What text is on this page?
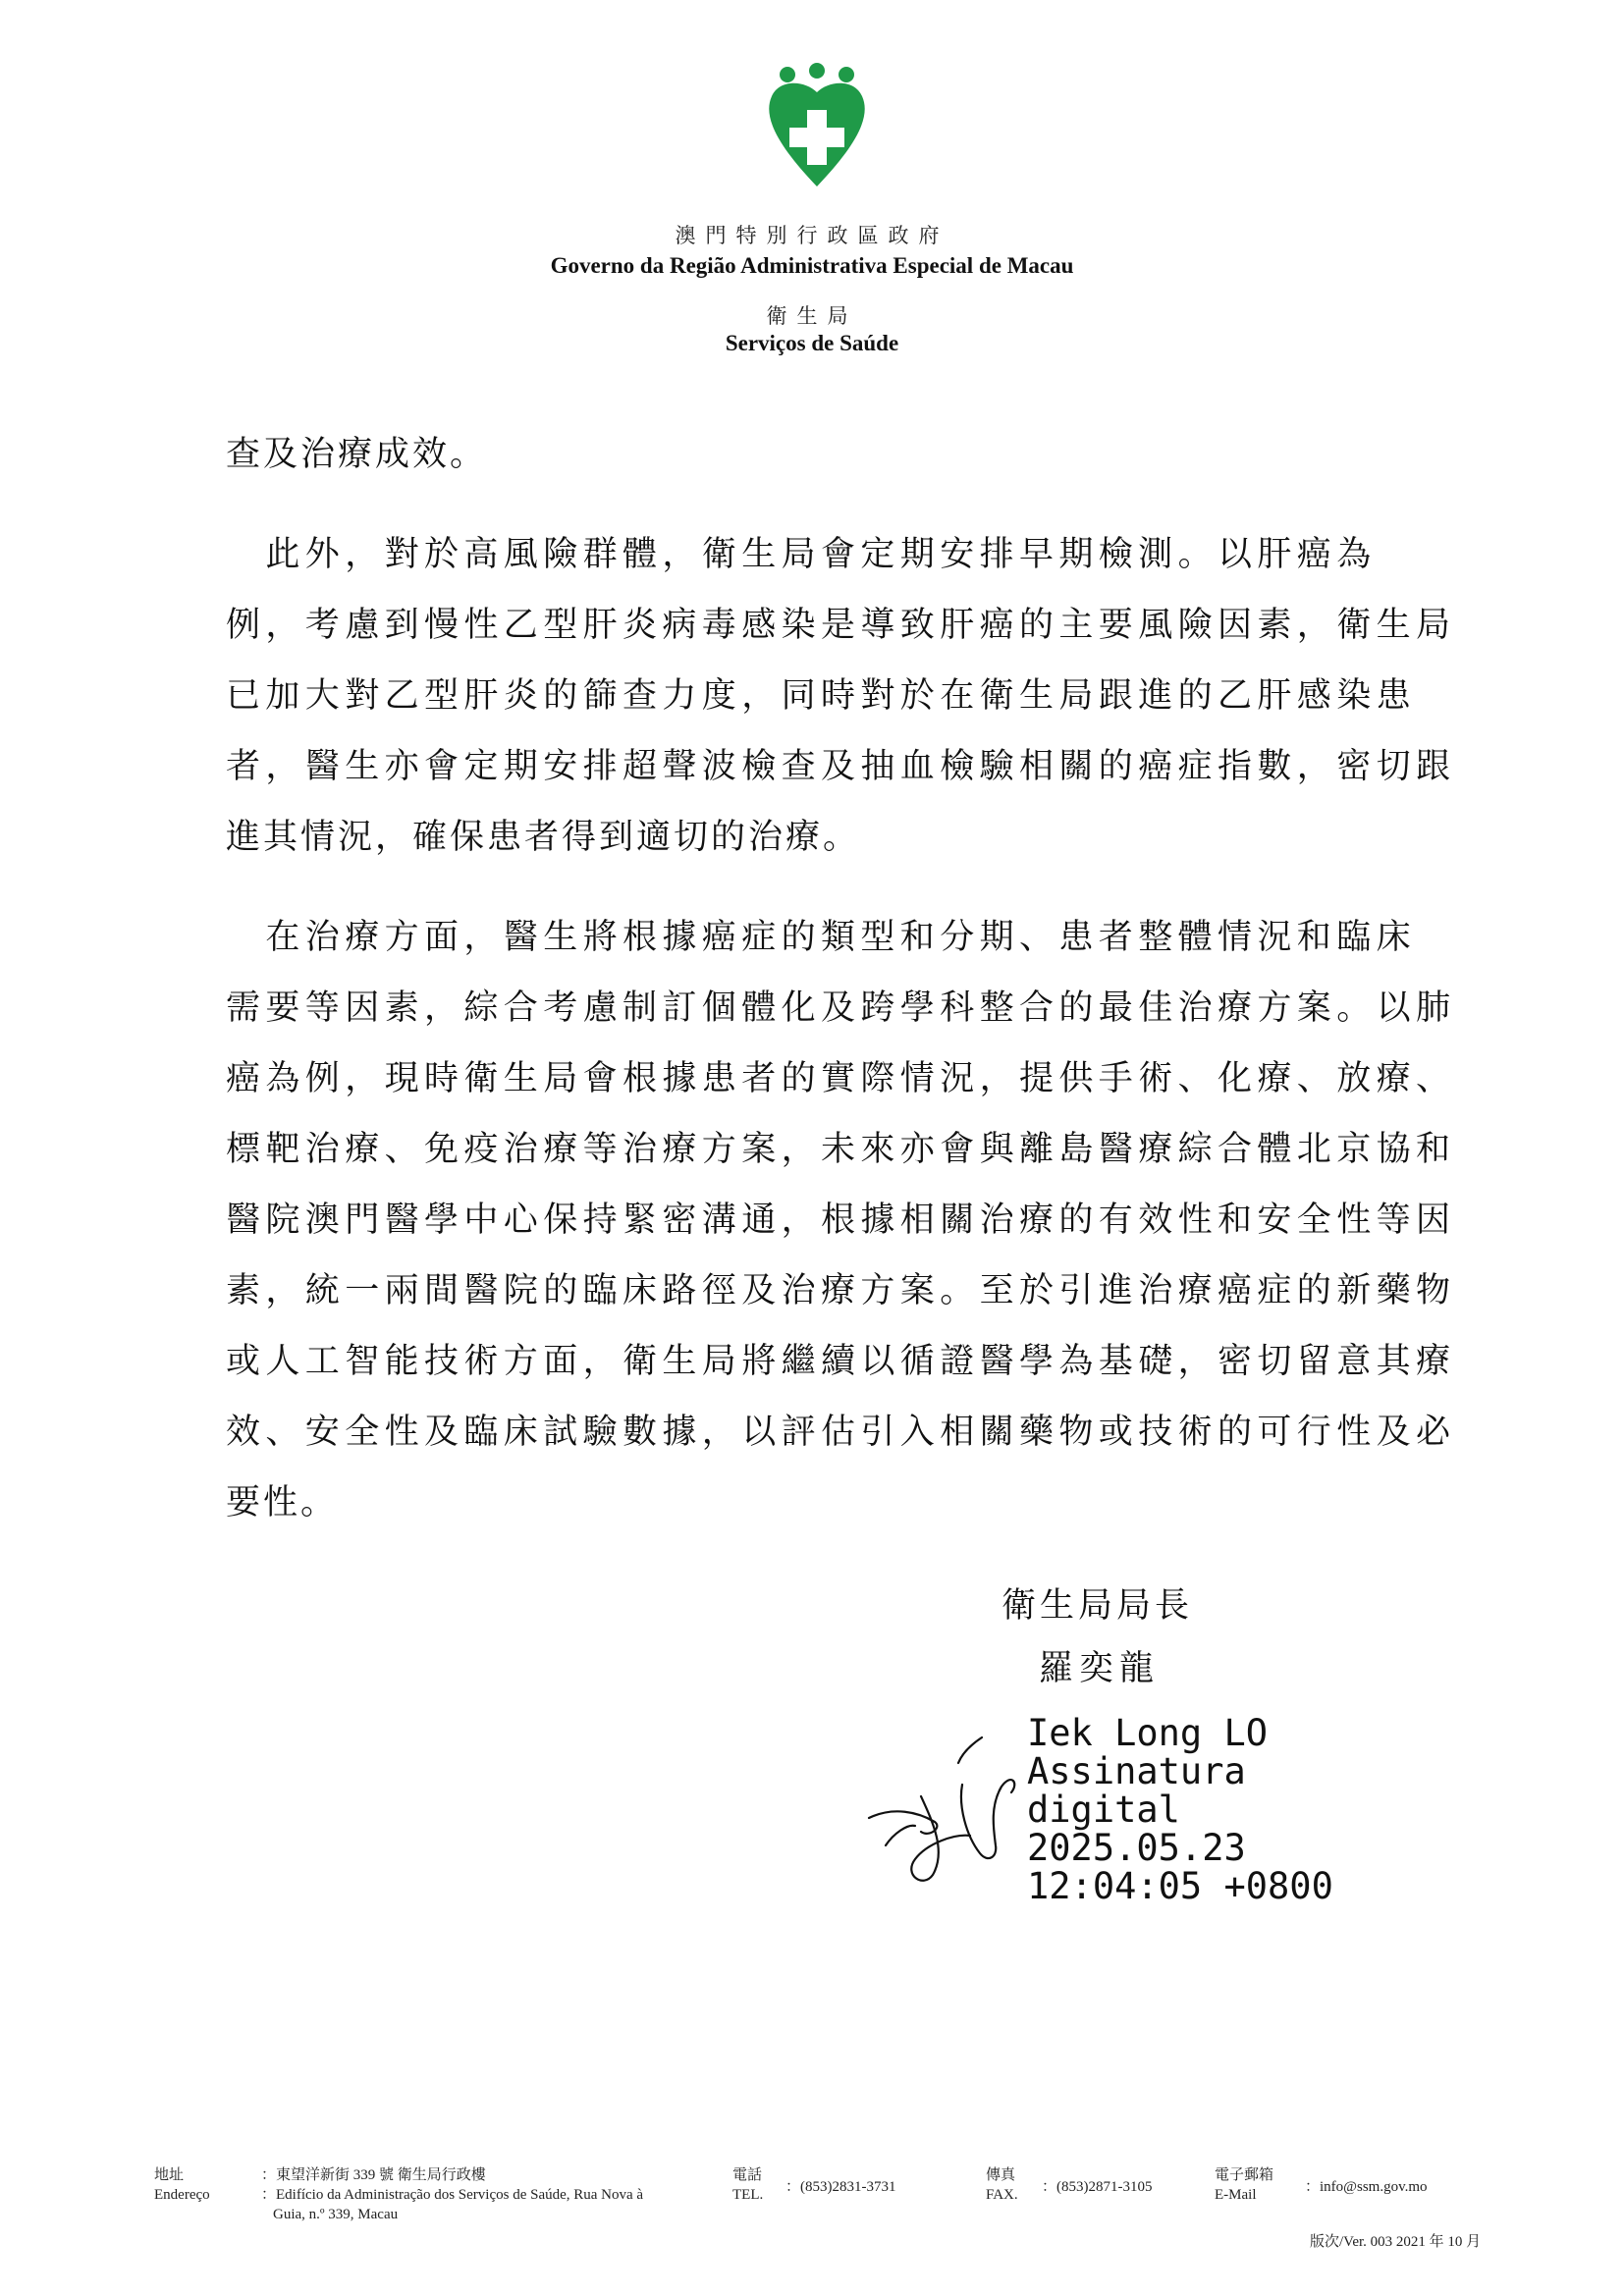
澳門特別行政區政府
Governo da Região Administrativa Especial de Macau
衛生局
Serviços de Saúde
查及治療成效。
　此外，對於高風險群體，衛生局會定期安排早期檢測。以肝癌為
例，考慮到慢性乙型肝炎病毒感染是導致肝癌的主要風險因素，衛生局
已加大對乙型肝炎的篩查力度，同時對於在衛生局跟進的乙肝感染患
者，醫生亦會定期安排超聲波檢查及抽血檢驗相關的癌症指數，密切跟
進其情況，確保患者得到適切的治療。
　在治療方面，醫生將根據癌症的類型和分期、患者整體情況和臨床
需要等因素，綜合考慮制訂個體化及跨學科整合的最佳治療方案。以肺
癌為例，現時衛生局會根據患者的實際情況，提供手術、化療、放療、
標靶治療、免疫治療等治療方案，未來亦會與離島醫療綜合體北京協和
醫院澳門醫學中心保持緊密溝通，根據相關治療的有效性和安全性等因
素，統一兩間醫院的臨床路徑及治療方案。至於引進治療癌症的新藥物
或人工智能技術方面，衛生局將繼續以循證醫學為基礎，密切留意其療
效、安全性及臨床試驗數據，以評估引入相關藥物或技術的可行性及必
要性。
衛生局局長
羅奕龍
Iek Long LO
Assinatura
digital
2025.05.23
12:04:05 +0800
地址
Endereço
：東望洋新街 339 號 衛生局行政樓
：Edifício da Administração dos Serviços de Saúde, Rua Nova à
Guia, n.º 339, Macau
電話
TEL. ：(853)2831-3731
傳真
FAX. ：(853)2871-3105
電子郵箱
E-Mail	：info@ssm.gov.mo
版次/Ver. 003 2021 年 10 月
